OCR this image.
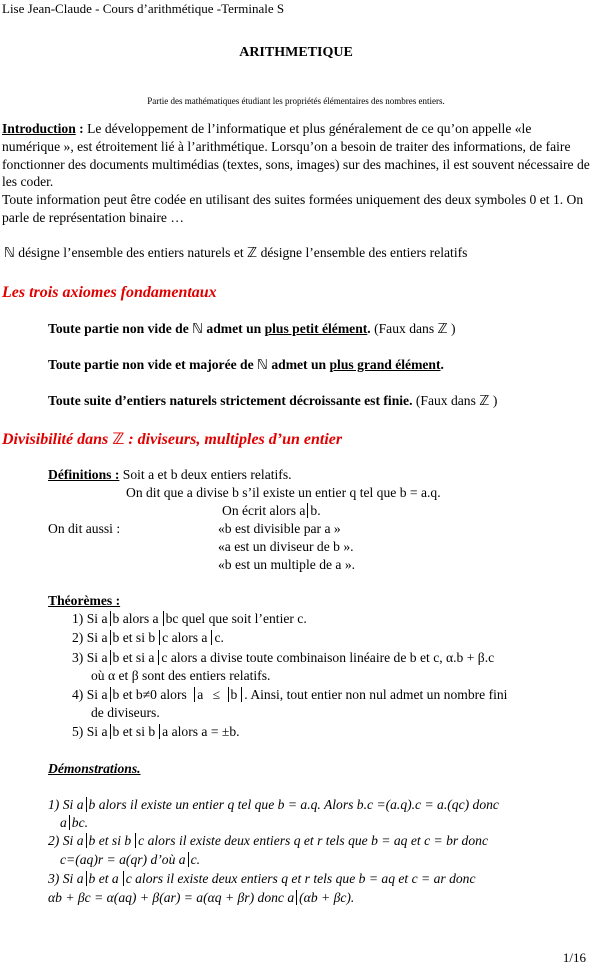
Lise Jean-Claude - Cours d’arithmétique -Terminale S
ARITHMETIQUE
Partie des mathématiques étudiant les propriétés élémentaires des nombres entiers.
Introduction : Le développement de l’informatique et plus généralement de ce qu’on appelle «le numérique », est étroitement lié à l’arithmétique. Lorsqu’on a besoin de traiter des informations, de faire fonctionner des documents multimédias (textes, sons, images) sur des machines, il est souvent nécessaire de les coder.
Toute information peut être codée en utilisant des suites formées uniquement des deux symboles 0 et 1. On parle de représentation binaire …
ℕ désigne l’ensemble des entiers naturels et ℤ désigne l’ensemble des entiers relatifs
Les trois axiomes fondamentaux
Toute partie non vide de ℕ admet un plus petit élément. (Faux dans ℤ )
Toute partie non vide et majorée de ℕ admet un plus grand élément.
Toute suite d’entiers naturels strictement décroissante est finie. (Faux dans ℤ )
Divisibilité dans ℤ : diviseurs, multiples d’un entier
Définitions : Soit a et b deux entiers relatifs.
On dit que a divise b s’il existe un entier q tel que b = a.q.
On écrit alors a b.
On dit aussi :	«b est divisible par a »
«a est un diviseur de b ».
«b est un multiple de a ».
Théorèmes :
1) Si a b alors a bc quel que soit l’entier c.
2) Si a b et si b c alors a c.
3) Si a b et si a c alors a divise toute combinaison linéaire de b et c, α.b + β.c
où α et β sont des entiers relatifs.
4) Si a b et b≠0 alors a ≤ b . Ainsi, tout entier non nul admet un nombre fini
de diviseurs.
5) Si a b et si b a alors a = ±b.
Démonstrations.
1) Si a b alors il existe un entier q tel que b = a.q. Alors b.c =(a.q).c = a.(qc) donc
a bc.
2) Si a b et si b c alors il existe deux entiers q et r tels que b = aq et c = br donc
c=(aq)r = a(qr) d’où a c.
3) Si a b et a c alors il existe deux entiers q et r tels que b = aq et c = ar donc
αb + βc = α(aq) + β(ar) = a(αq + βr) donc a (αb + βc).
1/16
